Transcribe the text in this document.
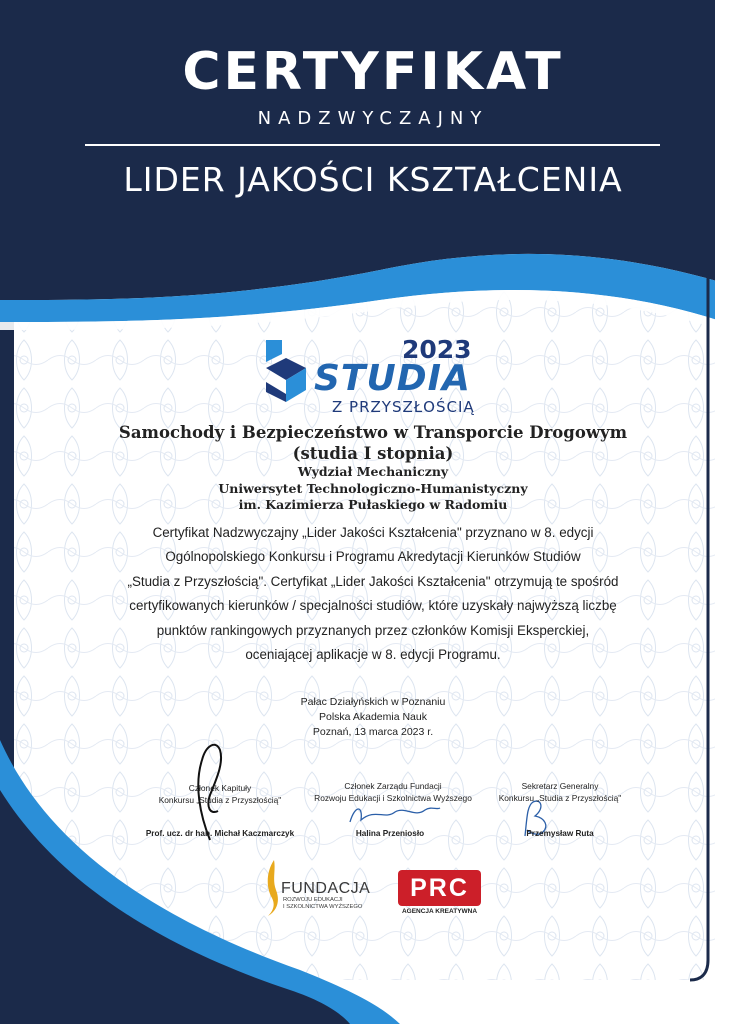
CERTYFIKAT
NADZWYCZAJNY
LIDER JAKOŚCI KSZTAŁCENIA
2023
STUDIA
Z PRZYSZŁOŚCIĄ
Samochody i Bezpieczeństwo w Transporcie Drogowym
(studia I stopnia)
Wydział Mechaniczny
Uniwersytet Technologiczno-Humanistyczny
im. Kazimierza Pułaskiego w Radomiu
Certyfikat Nadzwyczajny „Lider Jakości Kształcenia" przyznano w 8. edycji
Ogólnopolskiego Konkursu i Programu Akredytacji Kierunków Studiów
„Studia z Przyszłością". Certyfikat „Lider Jakości Kształcenia" otrzymują te spośród
certyfikowanych kierunków / specjalności studiów, które uzyskały najwyższą liczbę
punktów rankingowych przyznanych przez członków Komisji Eksperckiej,
oceniającej aplikacje w 8. edycji Programu.
Pałac Działyńskich w Poznaniu
Polska Akademia Nauk
Poznań, 13 marca 2023 r.
Członek Kapituły
Konkursu „Studia z Przyszłością"
Prof. ucz. dr hab. Michał Kaczmarczyk
Członek Zarządu Fundacji
Rozwoju Edukacji i Szkolnictwa Wyższego
Halina Przeniosło
Sekretarz Generalny
Konkursu „Studia z Przyszłością"
Przemysław Ruta
FUNDACJA
ROZWOJU EDUKACJI
I SZKOLNICTWA WYŻSZEGO
PRC
AGENCJA KREATYWNA
